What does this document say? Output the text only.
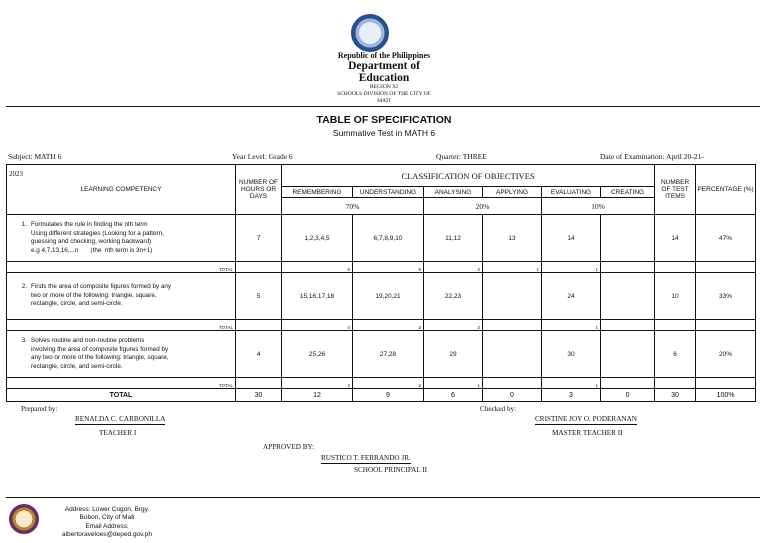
Republic of the Philippines
Department of
Education
REGION XI
SCHOOLS DIVISION OF THE CITY OF
MATI
TABLE OF SPECIFICATION
Summative Test in MATH 6
Subject: MATH 6	Year Level: Grade 6	Quarter: THREE	Date of Examination: April 20-21-
2023
LEARNING COMPETENCY	NUMBER OF HOURS OR DAYS	CLASSIFICATION OF OBJECTIVES						NUMBER OF TEST ITEMS	PERCENTAGE (%)
		REMEMBERING	UNDERSTANDING	ANALYSING	APPLYING	EVALUATING	CREATING		
		70%		20%		10%			
1. Formulates the rule in finding the nth term
Using different strategies (Looking for a pattern,
guessing and checking, working backward)
e.g 4,7,13,16,...n       (the  nth term is 3n+1)	7	1,2,3,4,5	6,7,8,9,10	11,12	13	14		14	47%
TOTAL		5	5	2	1	1			
2. Finds the area of composite figures formed by any
two or more of the following: triangle, square,
rectangle, circle, and semi-circle.	5	15,16,17,18	19,20,21	22,23		24		10	33%
TOTAL		4	3	2		1			
3. Solves routine and non-routine problems
involving the area of composite figures formed by
any two or more of the following: triangle, square,
rectangle, circle, and semi-circle.	4	25,26	27,28	29		30		6	20%
TOTAL		2	2	1		1			
TOTAL	30	12	9	6	0	3	0	30	100%
Prepared by:
RENALDA C. CARBONILLA
TEACHER I
Checked by:
CRISTINE JOY O. PODERANAN
MASTER TEACHER II
APPROVED BY:
RUSTICO T. FERRANDO JR.
SCHOOL PRINCIPAL II
Address: Lower Cogon, Brgy.
Bobon, City of Mati
Email Address:
albertoraveloes@deped.gov.ph
